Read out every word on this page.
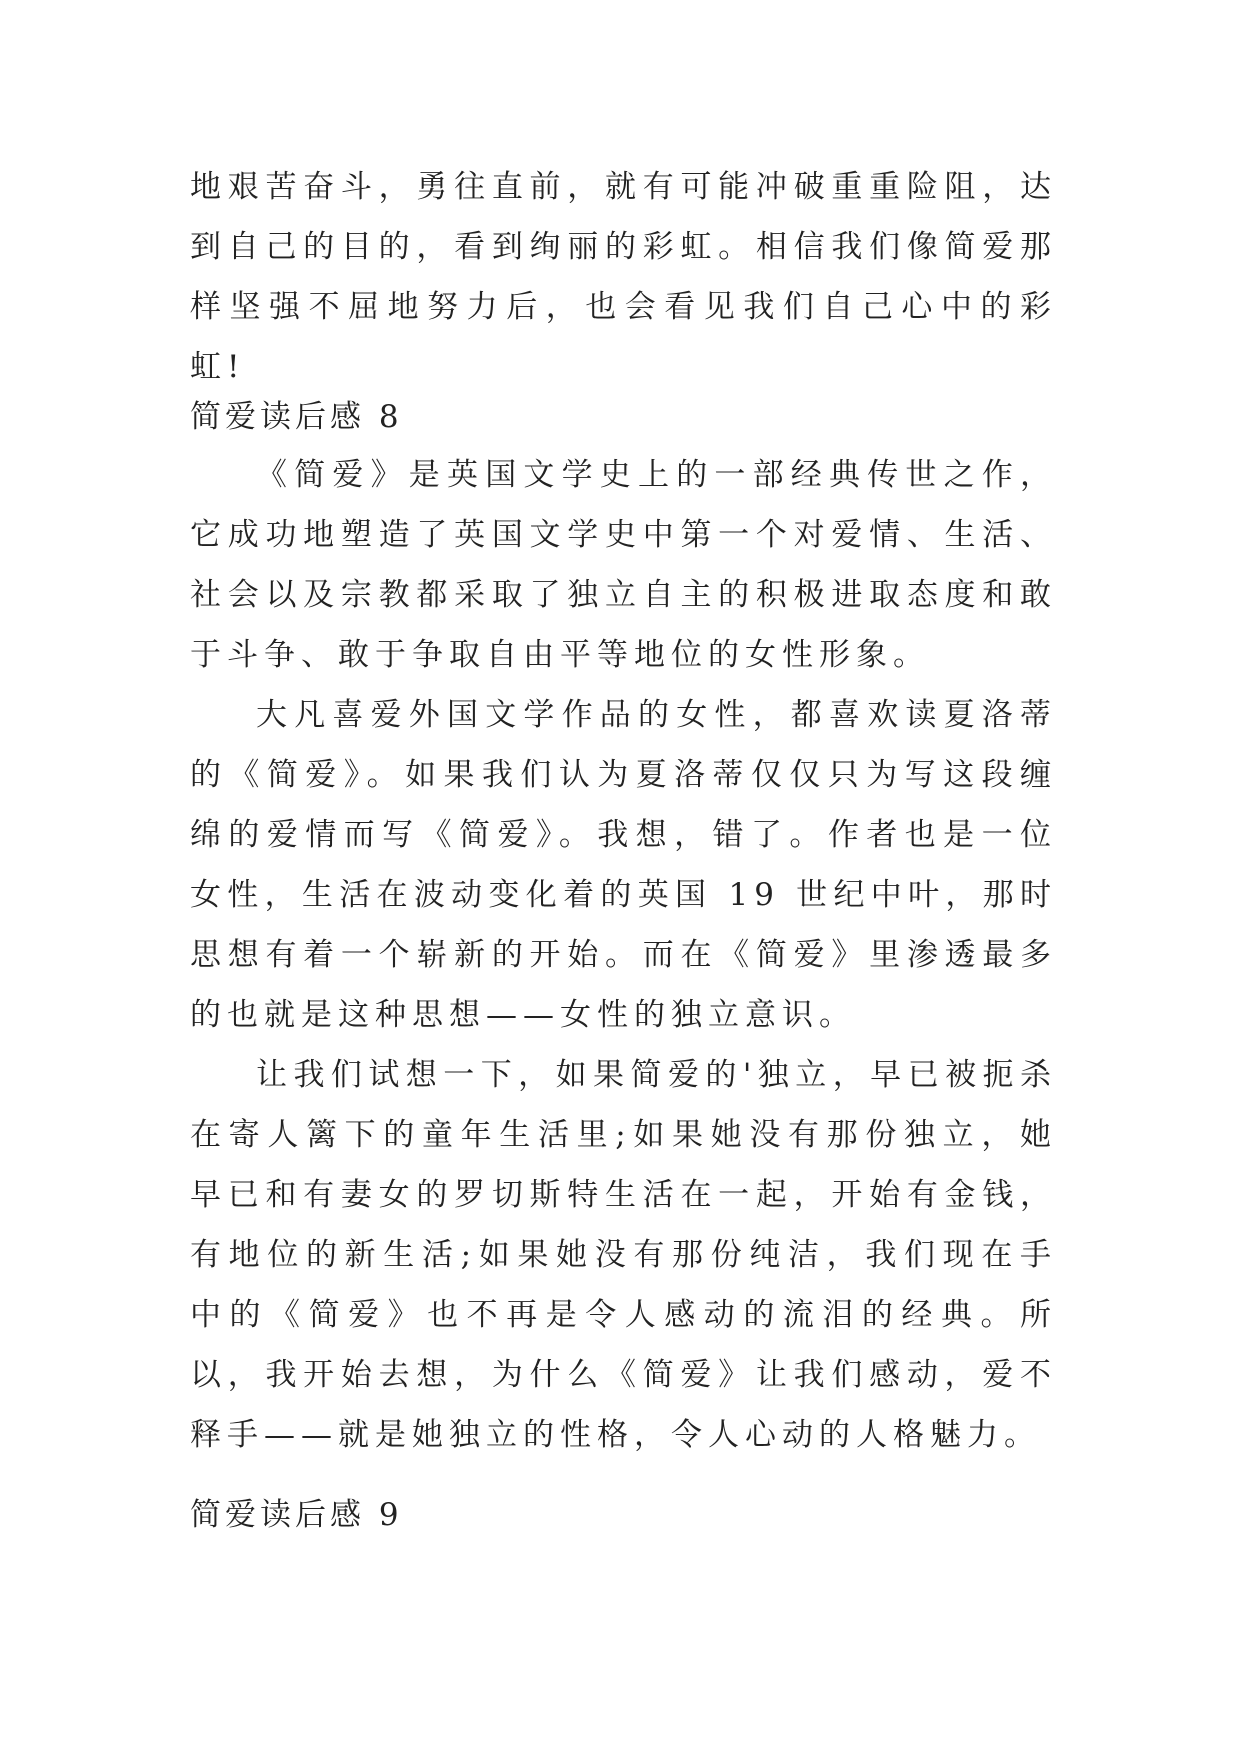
地艰苦奋斗，勇往直前，就有可能冲破重重险阻，达到自己的目的，看到绚丽的彩虹。相信我们像简爱那样坚强不屈地努力后，也会看见我们自己心中的彩虹!

简爱读后感 8

《简爱》是英国文学史上的一部经典传世之作，它成功地塑造了英国文学史中第一个对爱情、生活、社会以及宗教都采取了独立自主的积极进取态度和敢于斗争、敢于争取自由平等地位的女性形象。

大凡喜爱外国文学作品的女性，都喜欢读夏洛蒂的《简爱》。如果我们认为夏洛蒂仅仅只为写这段缠绵的爱情而写《简爱》。我想，错了。作者也是一位女性，生活在波动变化着的英国 19 世纪中叶，那时思想有着一个崭新的开始。而在《简爱》里渗透最多的也就是这种思想——女性的独立意识。

让我们试想一下，如果简爱的'独立，早已被扼杀在寄人篱下的童年生活里;如果她没有那份独立，她早已和有妻女的罗切斯特生活在一起，开始有金钱，有地位的新生活;如果她没有那份纯洁，我们现在手中的《简爱》也不再是令人感动的流泪的经典。所以，我开始去想，为什么《简爱》让我们感动，爱不释手——就是她独立的性格，令人心动的人格魅力。

简爱读后感 9
